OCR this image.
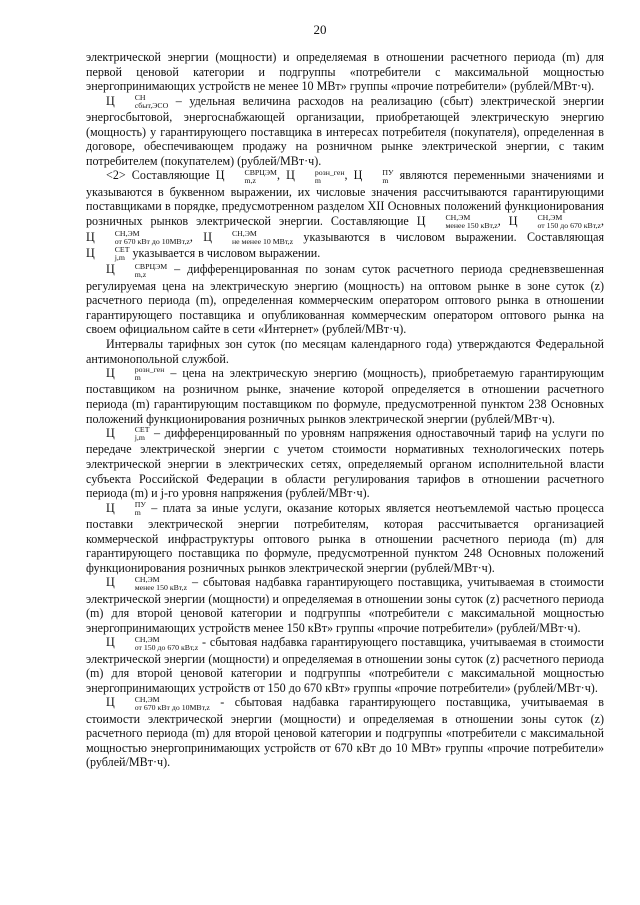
20

электрической энергии (мощности) и определяемая в отношении расчетного периода (m) для первой ценовой категории и подгруппы «потребители с максимальной мощностью энергопринимающих устройств не менее 10 МВт» группы «прочие потребители» (рублей/МВт·ч).

Ц	СН
сбыт,ЭСО – удельная величина расходов на реализацию (сбыт) электрической энергии энергосбытовой, энергоснабжающей организации, приобретающей электрическую энергию (мощность) у гарантирующего поставщика в интересах потребителя (покупателя), определенная в договоре, обеспечивающем продажу на розничном рынке электрической энергии, с таким потребителем (покупателем) (рублей/МВт·ч).

<2> Составляющие Ц	СВРЦЭМ
m,z	, Ц	розн_ген
m	, Ц	ПУ
m являются переменными значениями и указываются в буквенном выражении, их числовые значения рассчитываются гарантирующими поставщиками в порядке, предусмотренном разделом XII Основных положений функционирования розничных рынков электрической энергии. Составляющие Ц	СН,ЭМ
менее 150 кВт,z , Ц	СН,ЭМ
от 150 до 670 кВт,z , Ц	СН,ЭМ
от 670 кВт до 10МВт,z , Ц	СН,ЭМ
не менее 10 МВт,z указываются в числовом выражении. Составляющая Ц	СЕТ
j,m указывается в числовом выражении.

Ц	СВРЦЭМ
m,z	– дифференцированная по зонам суток расчетного периода средневзвешенная регулируемая цена на электрическую энергию (мощность) на оптовом рынке в зоне суток (z) расчетного периода (m), определенная коммерческим оператором оптового рынка в отношении гарантирующего поставщика и опубликованная коммерческим оператором оптового рынка на своем официальном сайте в сети «Интернет» (рублей/МВт·ч).

Интервалы тарифных зон суток (по месяцам календарного года) утверждаются Федеральной антимонопольной службой.

Ц	розн_ген
m	– цена на электрическую энергию (мощность), приобретаемую гарантирующим поставщиком на розничном рынке, значение которой определяется в отношении расчетного периода (m) гарантирующим поставщиком по формуле, предусмотренной пунктом 238 Основных положений функционирования розничных рынков электрической энергии (рублей/МВт·ч).

Ц	СЕТ
j,m – дифференцированный по уровням напряжения одноставочный тариф на услуги по передаче электрической энергии с учетом стоимости нормативных технологических потерь электрической энергии в электрических сетях, определяемый органом исполнительной власти субъекта Российской Федерации в области регулирования тарифов в отношении расчетного периода (m) и j-го уровня напряжения (рублей/МВт·ч).

Ц	ПУ
m – плата за иные услуги, оказание которых является неотъемлемой частью процесса поставки электрической энергии потребителям, которая рассчитывается организацией коммерческой инфраструктуры оптового рынка в отношении расчетного периода (m) для гарантирующего поставщика по формуле, предусмотренной пунктом 248 Основных положений функционирования розничных рынков электрической энергии (рублей/МВт·ч).

Ц	СН,ЭМ
менее 150 кВт,z – сбытовая надбавка гарантирующего поставщика, учитываемая в стоимости электрической энергии (мощности) и определяемая в отношении зоны суток (z) расчетного периода (m) для второй ценовой категории и подгруппы «потребители с максимальной мощностью энергопринимающих устройств менее 150 кВт» группы «прочие потребители» (рублей/МВт·ч).

Ц	СН,ЭМ
от 150 до 670 кВт,z - сбытовая надбавка гарантирующего поставщика, учитываемая в стоимости электрической энергии (мощности) и определяемая в отношении зоны суток (z) расчетного периода (m) для второй ценовой категории и подгруппы «потребители с максимальной мощностью энергопринимающих устройств от 150 до 670 кВт» группы «прочие потребители» (рублей/МВт·ч).

Ц	СН,ЭМ
от 670 кВт до 10МВт,z - сбытовая надбавка гарантирующего поставщика, учитываемая в стоимости электрической энергии (мощности) и определяемая в отношении зоны суток (z) расчетного периода (m) для второй ценовой категории и подгруппы «потребители с максимальной мощностью энергопринимающих устройств от 670 кВт до 10 МВт» группы «прочие потребители» (рублей/МВт·ч).
